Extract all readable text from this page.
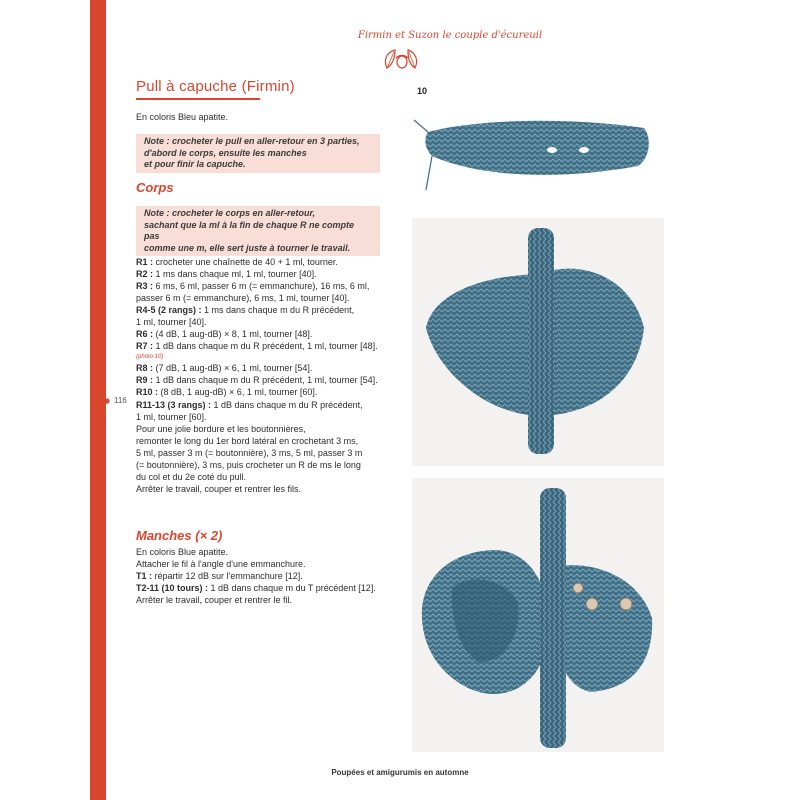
Firmin et Suzon le couple d'écureuil
Pull à capuche (Firmin)
En coloris Bleu apatite.
Note : crocheter le pull en aller-retour en 3 parties,
d'abord le corps, ensuite les manches
et pour finir la capuche.
Corps
Note : crocheter le corps en aller-retour,
sachant que la ml à la fin de chaque R ne compte pas
comme une m, elle sert juste à tourner le travail.
R1 : crocheter une chaînette de 40 + 1 ml, tourner.
R2 : 1 ms dans chaque ml, 1 ml, tourner [40].
R3 : 6 ms, 6 ml, passer 6 m (= emmanchure), 16 ms, 6 ml,
passer 6 m (= emmanchure), 6 ms, 1 ml, tourner [40].
R4-5 (2 rangs) : 1 ms dans chaque m du R précédent,
1 ml, tourner [40].
R6 : (4 dB, 1 aug-dB) × 8, 1 ml, tourner [48].
R7 : 1 dB dans chaque m du R précédent, 1 ml, tourner [48].
(photo 10)
R8 : (7 dB, 1 aug-dB) × 6, 1 ml, tourner [54].
R9 : 1 dB dans chaque m du R précédent, 1 ml, tourner [54].
R10 : (8 dB, 1 aug-dB) × 6, 1 ml, tourner [60].
R11-13 (3 rangs) : 1 dB dans chaque m du R précédent,
1 ml, tourner [60].
Pour une jolie bordure et les boutonnières,
remonter le long du 1er bord latéral en crochetant 3 ms,
5 ml, passer 3 m (= boutonnière), 3 ms, 5 ml, passer 3 m
(= boutonnière), 3 ms, puis crocheter un R de ms le long
du col et du 2e coté du pull.
Arrêter le travail, couper et rentrer les fils.
Manches (× 2)
En coloris Blue apatite.
Attacher le fil à l'angle d'une emmanchure.
T1 : répartir 12 dB sur l'emmanchure [12].
T2-11 (10 tours) : 1 dB dans chaque m du T précédent [12].
Arrêter le travail, couper et rentrer le fil.
116
10
Poupées et amigurumis en automne
